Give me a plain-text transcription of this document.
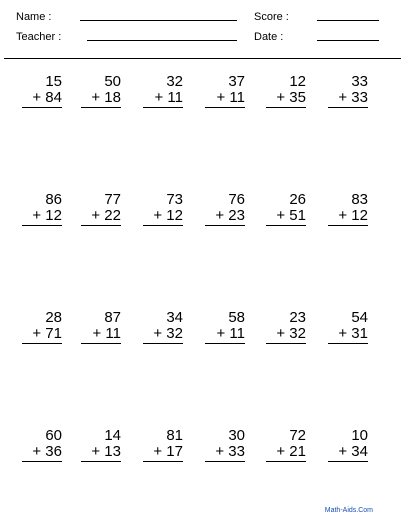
Name :	Score :
Teacher :	Date :
15
+ 84
50
+ 18
32
+ 11
37
+ 11
12
+ 35
33
+ 33
86
+ 12
77
+ 22
73
+ 12
76
+ 23
26
+ 51
83
+ 12
28
+ 71
87
+ 11
34
+ 32
58
+ 11
23
+ 32
54
+ 31
60
+ 36
14
+ 13
81
+ 17
30
+ 33
72
+ 21
10
+ 34
Math-Aids.Com
